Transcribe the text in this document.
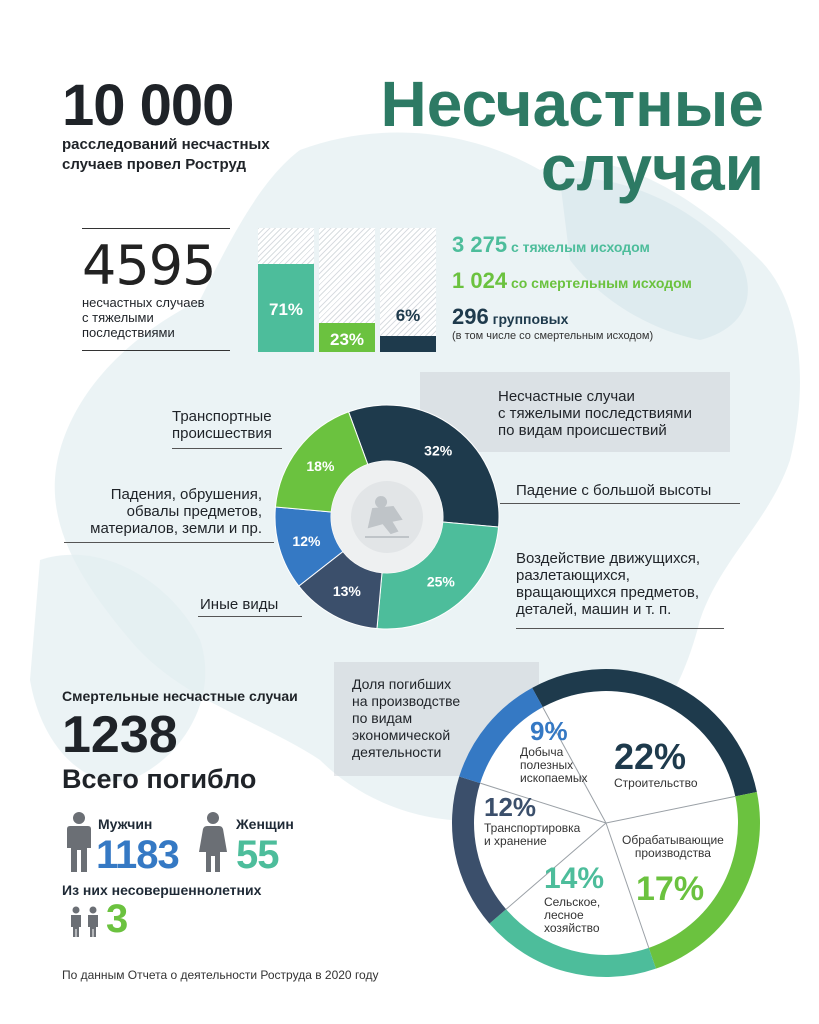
10 000
расследований несчастных
случаев провел Роструд
Несчастные
случаи
4595
несчастных случаев
с тяжелыми
последствиями
71%
23%
6%
3 275 с тяжелым исходом
1 024 со смертельным исходом
296 групповых
(в том числе со смертельным исходом)
Несчастные случаи
с тяжелыми последствиями
по видам происшествий
32%
25%
13%
12%
18%
Транспортные
происшествия
Падения, обрушения,
обвалы предметов,
материалов, земли и пр.
Иные виды
Падение с большой высоты
Воздействие движущихся,
разлетающихся,
вращающихся предметов,
деталей, машин и т. п.
Смертельные несчастные случаи
1238
Всего погибло
Мужчин
1183
Женщин
55
Из них несовершеннолетних
3
Доля погибших
на производстве
по видам
экономической
деятельности	22%
Строительство
Обрабатывающие
производства
17%
14%
Сельское,
лесное
хозяйство
12%
Транспортировка
и хранение
9%
Добыча
полезных
ископаемых
По данным Отчета о деятельности Роструда в 2020 году
